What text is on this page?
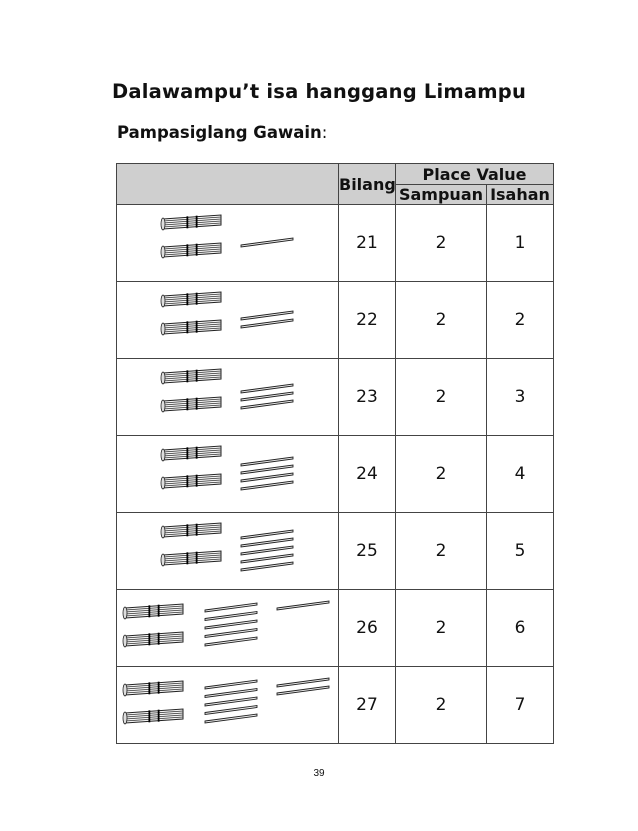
Dalawampu’t isa hanggang Limampu
Pampasiglang Gawain:
	Bilang	Place Value	
		Sampuan	Isahan

	21	2	1

	22	2	2

	23	2	3

	24	2	4

	25	2	5

	26	2	6

	27	2	7
39
